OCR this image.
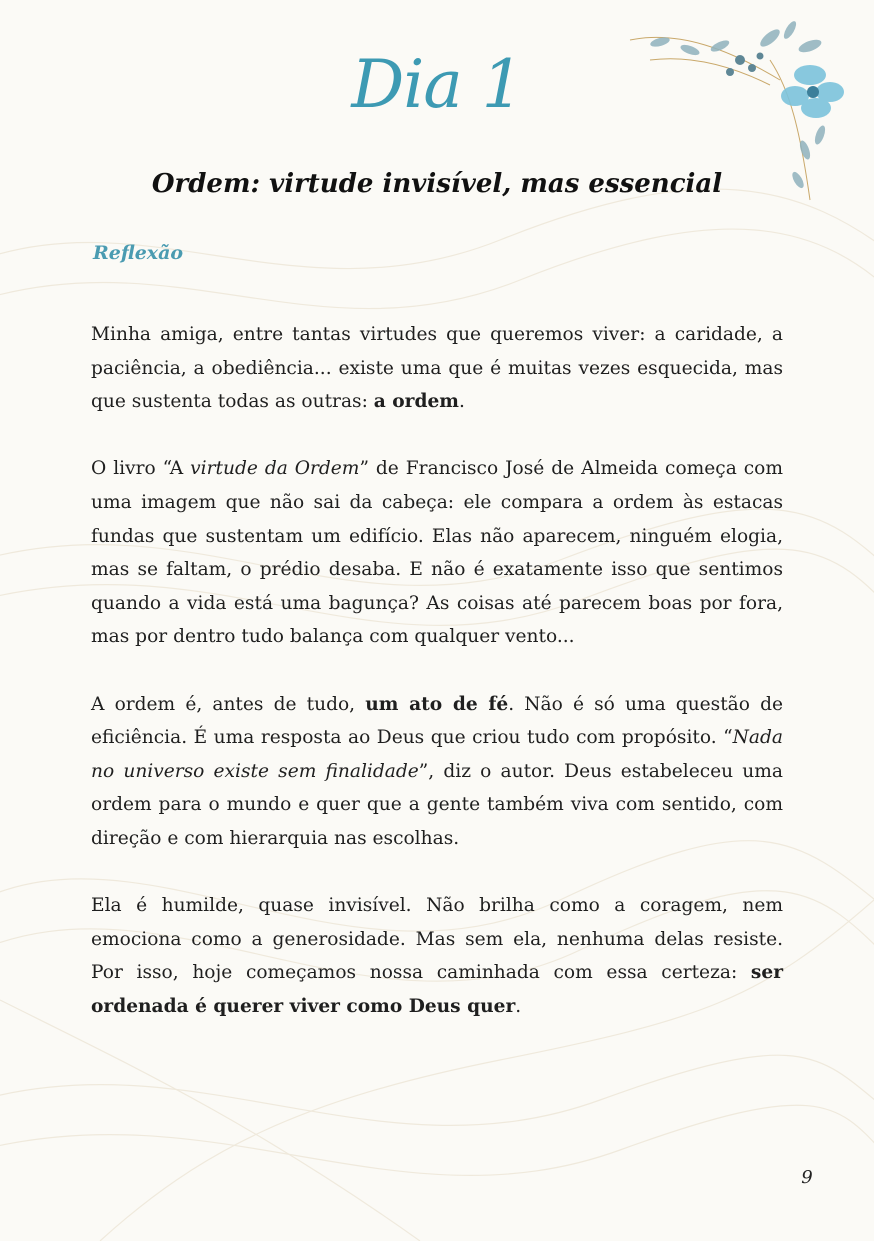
Dia 1
Ordem: virtude invisível, mas essencial
Reflexão

Minha amiga, entre tantas virtudes que queremos viver: a caridade, a paciência, a obediência... existe uma que é muitas vezes esquecida, mas que sustenta todas as outras: a ordem.

O livro “A virtude da Ordem” de Francisco José de Almeida começa com uma imagem que não sai da cabeça: ele compara a ordem às estacas fundas que sustentam um edifício. Elas não aparecem, ninguém elogia, mas se faltam, o prédio desaba. E não é exatamente isso que sentimos quando a vida está uma bagunça? As coisas até parecem boas por fora, mas por dentro tudo balança com qualquer vento...

A ordem é, antes de tudo, um ato de fé. Não é só uma questão de eficiência. É uma resposta ao Deus que criou tudo com propósito. “Nada no universo existe sem finalidade”, diz o autor. Deus estabeleceu uma ordem para o mundo e quer que a gente também viva com sentido, com direção e com hierarquia nas escolhas.

Ela é humilde, quase invisível. Não brilha como a coragem, nem emociona como a generosidade. Mas sem ela, nenhuma delas resiste. Por isso, hoje começamos nossa caminhada com essa certeza: ser ordenada é querer viver como Deus quer.

9
